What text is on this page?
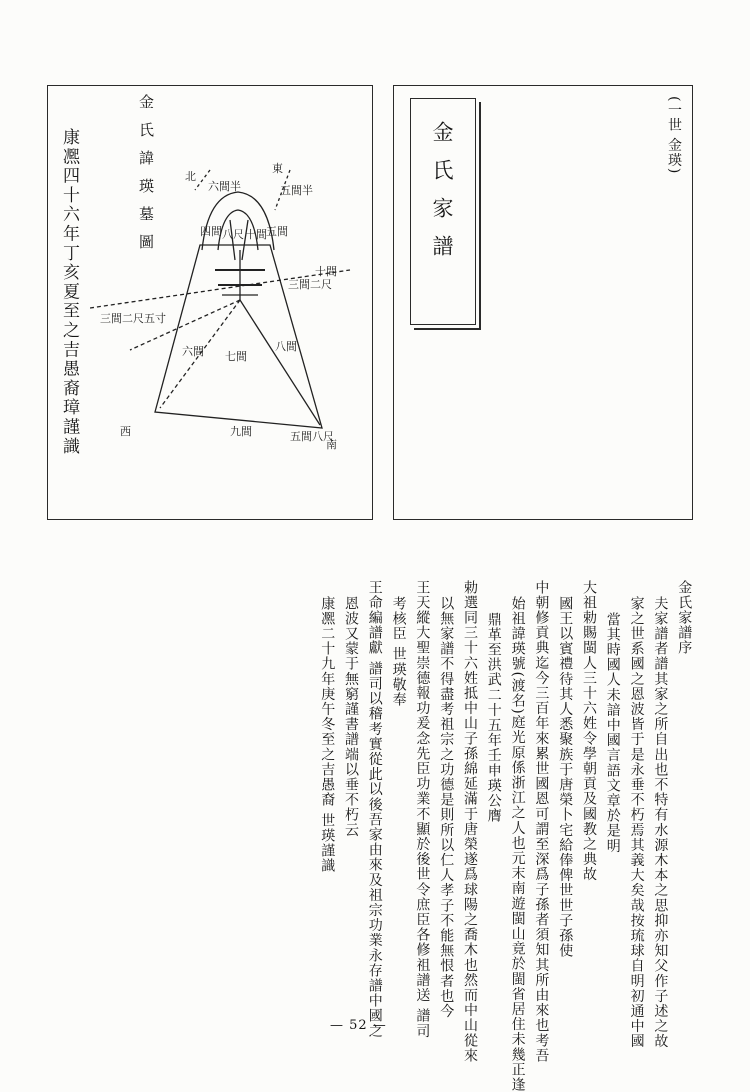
金氏諱瑛墓圖
康凞四十六年丁亥夏至之吉愚裔璋謹識	北
東
西
南
六間半	五間半
四間 八尺 十間 五間
十間
三間二尺
三間二尺五寸
六間 七間
八間
五間八尺
九間
金氏家譜	(一世 金瑛)
— 52 —
金氏家譜序
夫家譜者譜其家之所自出也不特有水源木本之思抑亦知父作子述之故
家之世系國之恩波皆于是永垂不朽焉其義大矣哉按琉球自明初通中國
當其時國人未諳中國言語文章於是明
大祖勅賜閩人三十六姓令學朝貢及國教之典故
國王以賓禮待其人悉聚族于唐榮卜宅給俸俾世世子孫使
中朝修貢典迄今三百年來累世國恩可謂至深爲子孫者須知其所由來也考吾
始祖諱瑛號(渡名)庭光原係浙江之人也元末南遊閩山竟於閩省居住未幾正逢
鼎革至洪武二十五年壬申瑛公膺
勅選同三十六姓抵中山子孫綿延滿于唐榮遂爲球陽之喬木也然而中山從來
以無家譜不得盡考祖宗之功德是則所以仁人孝子不能無恨者也今
王天縱大聖崇德報功爰念先臣功業不顯於後世令庶臣各修祖譜送 譜司
考核臣 世瑛敬奉
王命編譜獻 譜司以稽考實從此以後吾家由來及祖宗功業永存譜中國之
恩波又蒙于無窮謹書譜端以垂不朽云
康凞二十九年庚午冬至之吉愚裔 世瑛謹識
